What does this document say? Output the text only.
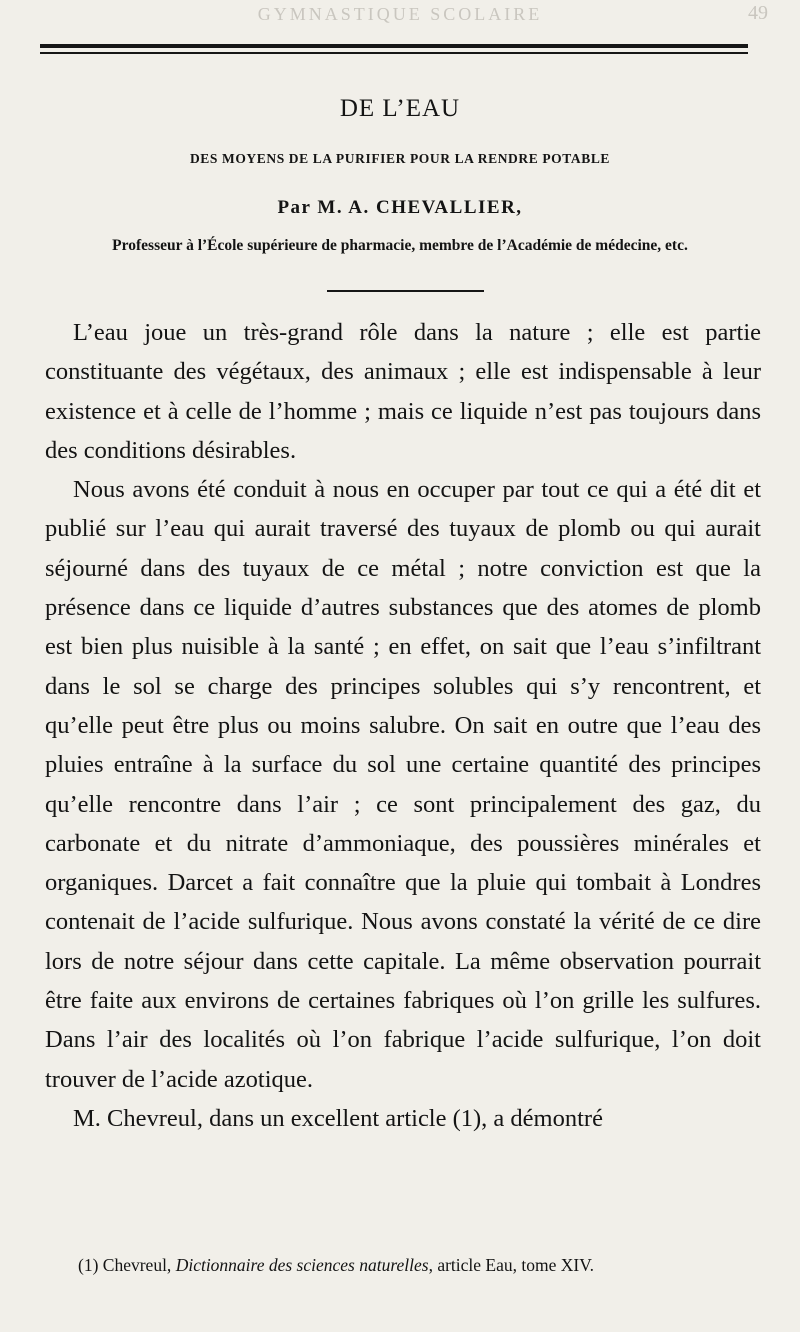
GYMNASTIQUE SCOLAIRE	49
DE L’EAU
DES MOYENS DE LA PURIFIER POUR LA RENDRE POTABLE
Par M. A. CHEVALLIER,
Professeur à l’École supérieure de pharmacie, membre de l’Académie de médecine, etc.

L’eau joue un très-grand rôle dans la nature ; elle est partie constituante des végétaux, des animaux ; elle est indispensable à leur existence et à celle de l’homme ; mais ce liquide n’est pas toujours dans des conditions désirables.

Nous avons été conduit à nous en occuper par tout ce qui a été dit et publié sur l’eau qui aurait traversé des tuyaux de plomb ou qui aurait séjourné dans des tuyaux de ce métal ; notre conviction est que la présence dans ce liquide d’autres substances que des atomes de plomb est bien plus nuisible à la santé ; en effet, on sait que l’eau s’infiltrant dans le sol se charge des principes solubles qui s’y rencontrent, et qu’elle peut être plus ou moins salubre. On sait en outre que l’eau des pluies entraîne à la surface du sol une certaine quantité des principes qu’elle rencontre dans l’air ; ce sont principalement des gaz, du carbonate et du nitrate d’ammoniaque, des poussières minérales et organiques. Darcet a fait connaître que la pluie qui tombait à Londres contenait de l’acide sulfurique. Nous avons constaté la vérité de ce dire lors de notre séjour dans cette capitale. La même observation pourrait être faite aux environs de certaines fabriques où l’on grille les sulfures. Dans l’air des localités où l’on fabrique l’acide sulfurique, l’on doit trouver de l’acide azotique.

M. Chevreul, dans un excellent article (1), a démontré

(1) Chevreul, Dictionnaire des sciences naturelles, article Eau, tome XIV.
